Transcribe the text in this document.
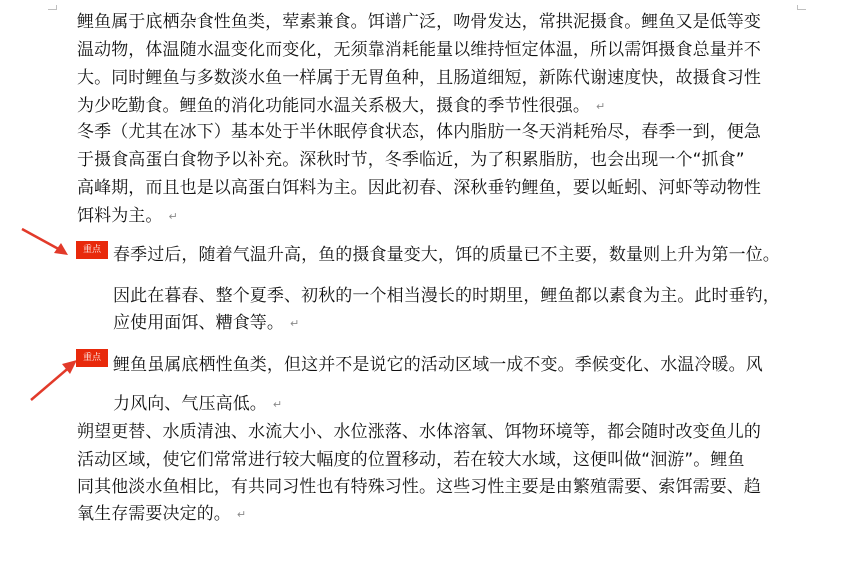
鲤鱼属于底栖杂食性鱼类，荤素兼食。饵谱广泛，吻骨发达，常拱泥摄食。鲤鱼又是低等变
温动物，体温随水温变化而变化，无须靠消耗能量以维持恒定体温，所以需饵摄食总量并不
大。同时鲤鱼与多数淡水鱼一样属于无胃鱼种，且肠道细短，新陈代谢速度快，故摄食习性
为少吃勤食。鲤鱼的消化功能同水温关系极大，摄食的季节性很强。 ↵
冬季（尤其在冰下）基本处于半休眠停食状态，体内脂肪一冬天消耗殆尽，春季一到，便急
于摄食高蛋白食物予以补充。深秋时节，冬季临近，为了积累脂肪，也会出现一个“抓食”
高峰期，而且也是以高蛋白饵料为主。因此初春、深秋垂钓鲤鱼，要以蚯蚓、河虾等动物性
饵料为主。 ↵
重点 春季过后，随着气温升高，鱼的摄食量变大，饵的质量已不主要，数量则上升为第一位。
因此在暮春、整个夏季、初秋的一个相当漫长的时期里，鲤鱼都以素食为主。此时垂钓，
应使用面饵、糟食等。 ↵
重点 鲤鱼虽属底栖性鱼类，但这并不是说它的活动区域一成不变。季候变化、水温冷暖。风
力风向、气压高低。 ↵
朔望更替、水质清浊、水流大小、水位涨落、水体溶氧、饵物环境等，都会随时改变鱼儿的
活动区域，使它们常常进行较大幅度的位置移动，若在较大水域，这便叫做“洄游”。鲤鱼
同其他淡水鱼相比，有共同习性也有特殊习性。这些习性主要是由繁殖需要、索饵需要、趋
氧生存需要决定的。 ↵
